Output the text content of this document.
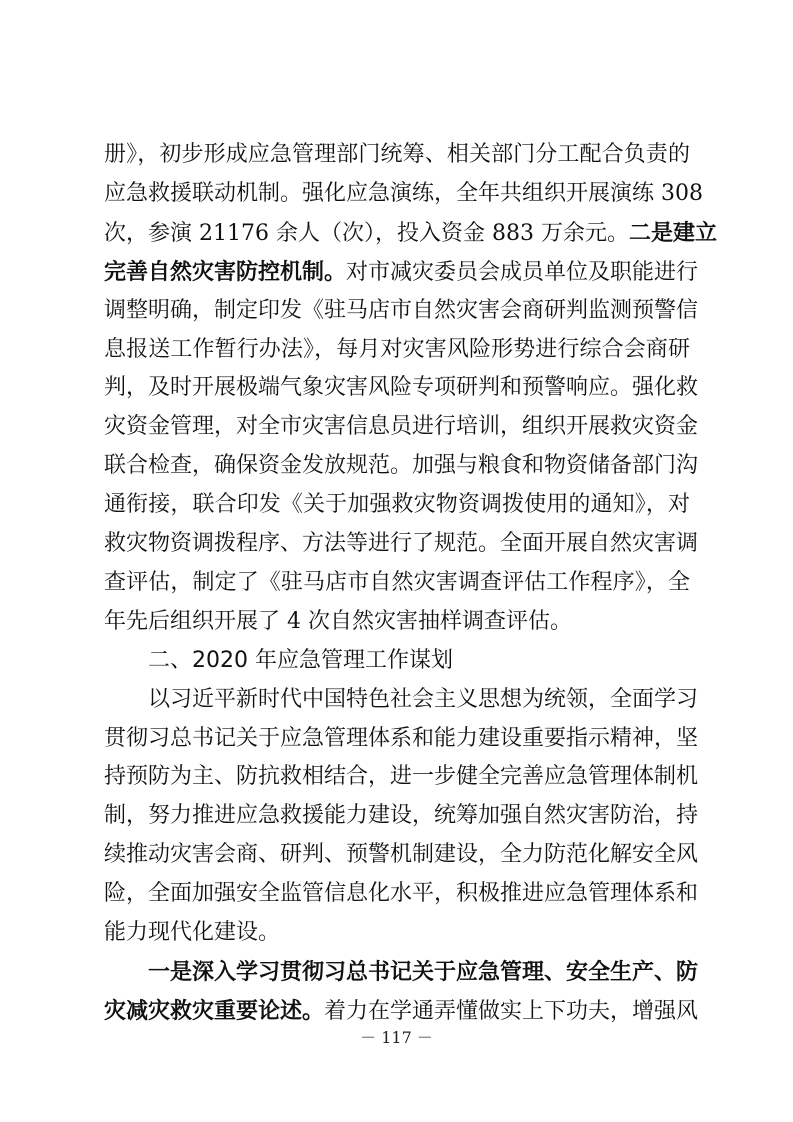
册》，初步形成应急管理部门统筹、相关部门分工配合负责的
应急救援联动机制。强化应急演练，全年共组织开展演练 308
次，参演 21176 余人（次），投入资金 883 万余元。二是建立
完善自然灾害防控机制。对市减灾委员会成员单位及职能进行
调整明确，制定印发《驻马店市自然灾害会商研判监测预警信
息报送工作暂行办法》，每月对灾害风险形势进行综合会商研
判，及时开展极端气象灾害风险专项研判和预警响应。强化救
灾资金管理，对全市灾害信息员进行培训，组织开展救灾资金
联合检查，确保资金发放规范。加强与粮食和物资储备部门沟
通衔接，联合印发《关于加强救灾物资调拨使用的通知》，对
救灾物资调拨程序、方法等进行了规范。全面开展自然灾害调
查评估，制定了《驻马店市自然灾害调查评估工作程序》，全
年先后组织开展了 4 次自然灾害抽样调查评估。
二、2020 年应急管理工作谋划
以习近平新时代中国特色社会主义思想为统领，全面学习
贯彻习总书记关于应急管理体系和能力建设重要指示精神，坚
持预防为主、防抗救相结合，进一步健全完善应急管理体制机
制，努力推进应急救援能力建设，统筹加强自然灾害防治，持
续推动灾害会商、研判、预警机制建设，全力防范化解安全风
－ 117 －
险，全面加强安全监管信息化水平，积极推进应急管理体系和
能力现代化建设。
一是深入学习贯彻习总书记关于应急管理、安全生产、防
灾减灾救灾重要论述。着力在学通弄懂做实上下功夫，增强风
